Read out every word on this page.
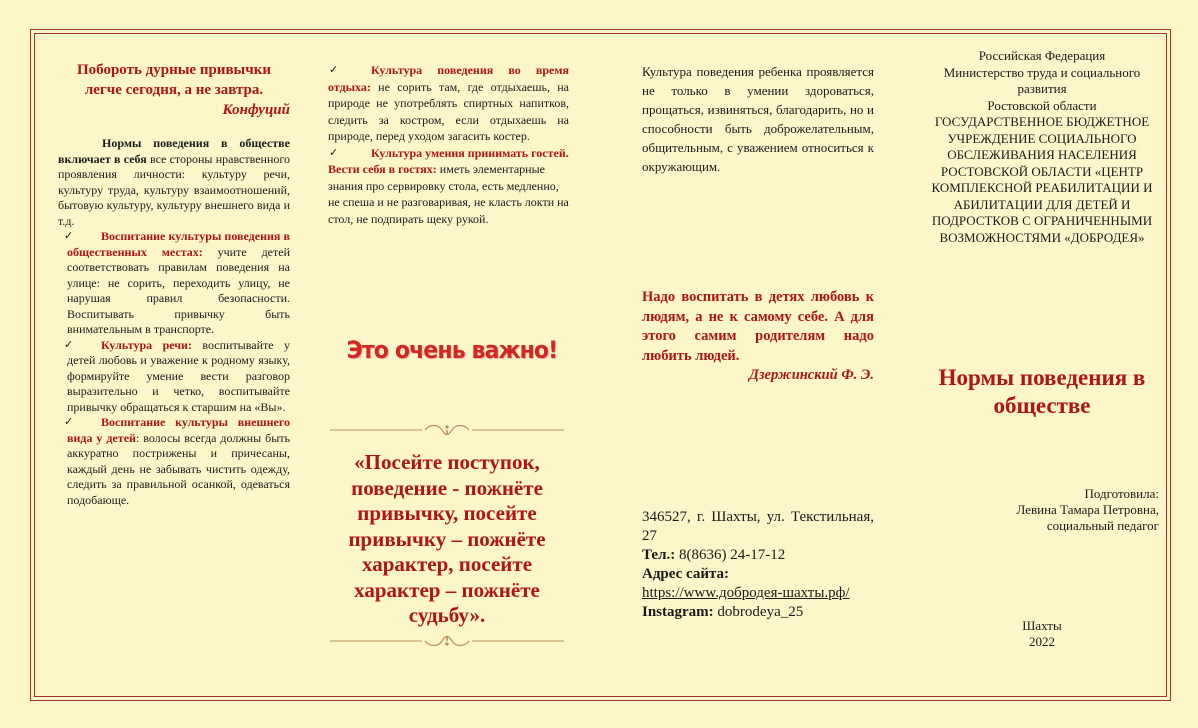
Побороть дурные привычки легче сегодня, а не завтра.
Конфуций
Нормы поведения в обществе включает в себя все стороны нравственного проявления личности: культуру речи, культуру труда, культуру взаимоотношений, бытовую культуру, культуру внешнего вида и т.д.
✓ Воспитание культуры поведения в общественных местах: учите детей соответствовать правилам поведения на улице: не сорить, переходить улицу, не нарушая правил безопасности. Воспитывать привычку быть внимательным в транспорте.
✓ Культура речи: воспитывайте у детей любовь и уважение к родному языку, формируйте умение вести разговор выразительно и четко, воспитывайте привычку обращаться к старшим на «Вы».
✓ Воспитание культуры внешнего вида у детей: волосы всегда должны быть аккуратно пострижены и причесаны, каждый день не забывать чистить одежду, следить за правильной осанкой, одеваться подобающе.
✓	Культура поведения во время отдыха: не сорить там, где отдыхаешь, на природе не употреблять спиртных напитков, следить за костром, если отдыхаешь на природе, перед уходом загасить костер.
✓	Культура умения принимать гостей. Вести себя в гостях: иметь элементарные знания про сервировку стола, есть медленно, не спеша и не разговаривая, не класть локти на стол, не подпирать щеку рукой.
Это очень важно!
«Посейте поступок, поведение - пожнёте привычку, посейте привычку – пожнёте характер, посейте характер – пожнёте судьбу».
Культура поведения ребенка проявляется не только в умении здороваться, прощаться, извиняться, благодарить, но и способности быть доброжелательным, общительным, с уважением относиться к окружающим.
Надо воспитать в детях любовь к людям, а не к самому себе. А для этого самим родителям надо любить людей.
Дзержинский Ф. Э.
346527, г. Шахты, ул. Текстильная, 27
Тел.: 8(8636) 24-17-12
Адрес сайта:
https://www.добродея-шахты.рф/
Instagram: dobrodeya_25
Российская Федерация
Министерство труда и социального развития
Ростовской области
ГОСУДАРСТВЕННОЕ БЮДЖЕТНОЕ УЧРЕЖДЕНИЕ СОЦИАЛЬНОГО ОБСЛЕЖИВАНИЯ НАСЕЛЕНИЯ РОСТОВСКОЙ ОБЛАСТИ «ЦЕНТР КОМПЛЕКСНОЙ РЕАБИЛИТАЦИИ И АБИЛИТАЦИИ ДЛЯ ДЕТЕЙ И ПОДРОСТКОВ С ОГРАНИЧЕННЫМИ ВОЗМОЖНОСТЯМИ «ДОБРОДЕЯ»
Нормы поведения в обществе
Подготовила:
Левина Тамара Петровна,
социальный педагог
Шахты
2022
